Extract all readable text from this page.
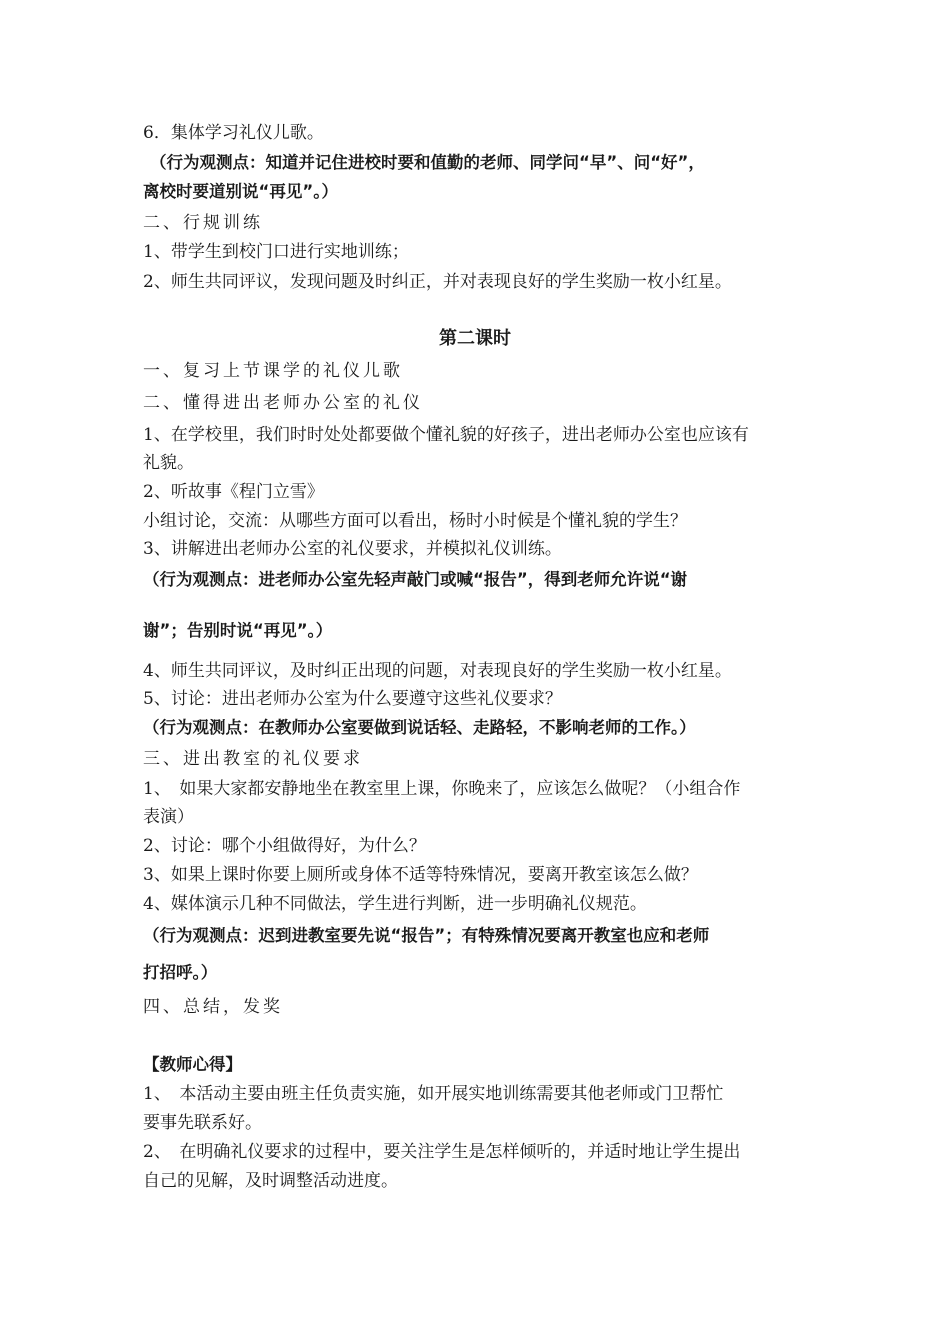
6．集体学习礼仪儿歌。
（行为观测点：知道并记住进校时要和值勤的老师、同学问“早”、问“好”，
离校时要道别说“再见”。）
二、行规训练
1、带学生到校门口进行实地训练；
2、师生共同评议，发现问题及时纠正，并对表现良好的学生奖励一枚小红星。
第二课时
一、复习上节课学的礼仪儿歌
二、懂得进出老师办公室的礼仪
1、在学校里，我们时时处处都要做个懂礼貌的好孩子，进出老师办公室也应该有
礼貌。
2、听故事《程门立雪》
小组讨论，交流：从哪些方面可以看出，杨时小时候是个懂礼貌的学生？
3、讲解进出老师办公室的礼仪要求，并模拟礼仪训练。
（行为观测点：进老师办公室先轻声敲门或喊“报告”，得到老师允许说“谢
谢”；告别时说“再见”。）
4、师生共同评议，及时纠正出现的问题，对表现良好的学生奖励一枚小红星。
5、讨论：进出老师办公室为什么要遵守这些礼仪要求？
（行为观测点：在教师办公室要做到说话轻、走路轻，不影响老师的工作。）
三、进出教室的礼仪要求
1、　如果大家都安静地坐在教室里上课，你晚来了，应该怎么做呢？（小组合作
表演）
2、讨论：哪个小组做得好，为什么？
3、如果上课时你要上厕所或身体不适等特殊情况，要离开教室该怎么做？
4、媒体演示几种不同做法，学生进行判断，进一步明确礼仪规范。
（行为观测点：迟到进教室要先说“报告”；有特殊情况要离开教室也应和老师
打招呼。）
四、总结，发奖
【教师心得】
1、　本活动主要由班主任负责实施，如开展实地训练需要其他老师或门卫帮忙
要事先联系好。
2、　在明确礼仪要求的过程中，要关注学生是怎样倾听的，并适时地让学生提出
自己的见解，及时调整活动进度。
